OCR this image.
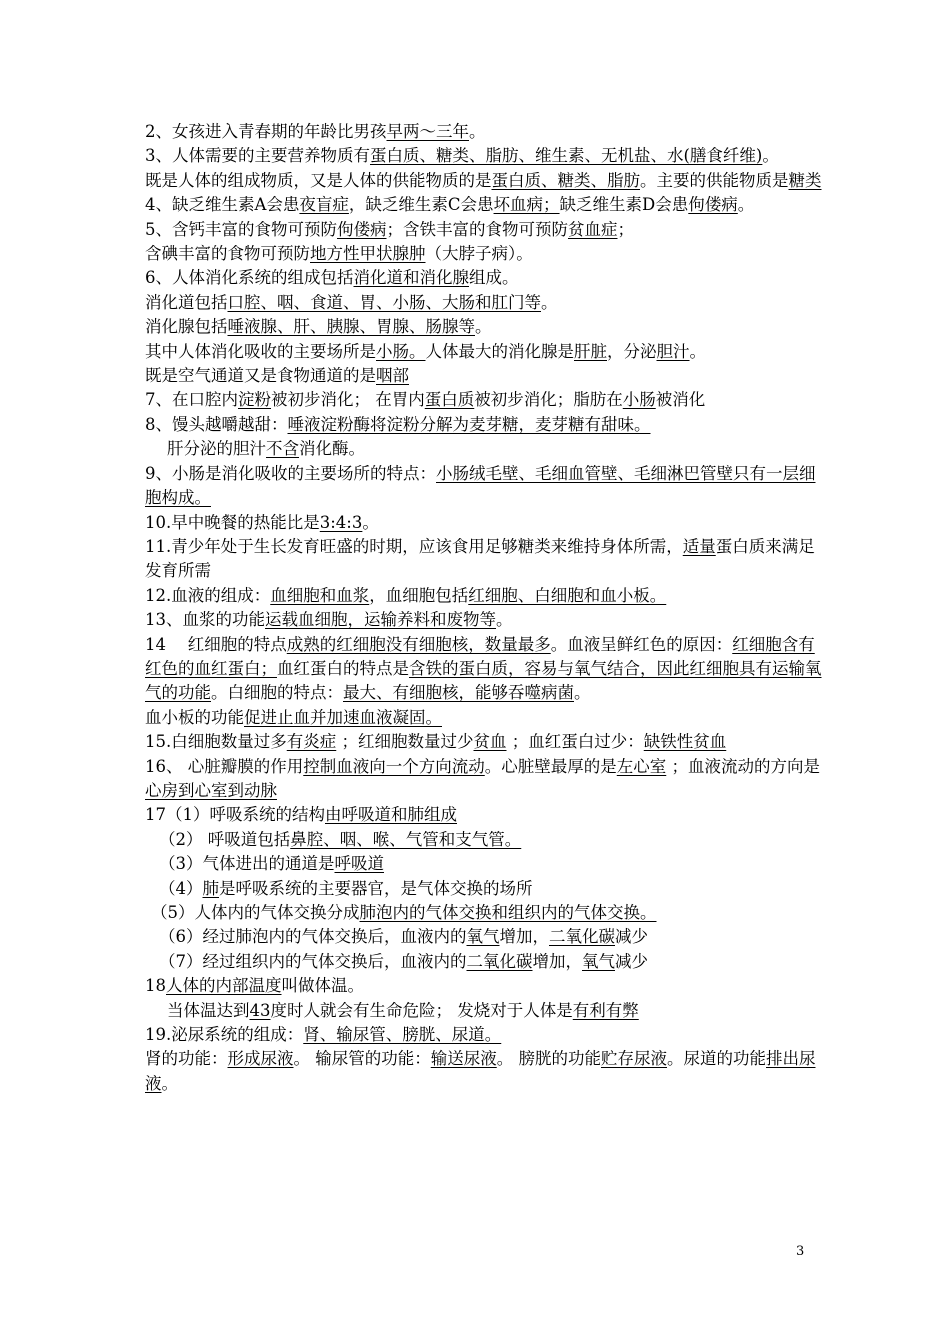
2、女孩进入青春期的年龄比男孩早两～三年。
3、人体需要的主要营养物质有蛋白质、糖类、脂肪、维生素、无机盐、水(膳食纤维)。
既是人体的组成物质，又是人体的供能物质的是蛋白质、糖类、脂肪。主要的供能物质是糖类
4、缺乏维生素A会患夜盲症，缺乏维生素C会患坏血病；缺乏维生素D会患佝偻病。
5、含钙丰富的食物可预防佝偻病；含铁丰富的食物可预防贫血症；
含碘丰富的食物可预防地方性甲状腺肿（大脖子病）。
6、人体消化系统的组成包括消化道和消化腺组成。
消化道包括口腔、咽、食道、胃、小肠、大肠和肛门等。
消化腺包括唾液腺、肝、胰腺、胃腺、肠腺等。
其中人体消化吸收的主要场所是小肠。人体最大的消化腺是肝脏，分泌胆汁。
既是空气通道又是食物通道的是咽部
7、在口腔内淀粉被初步消化； 在胃内蛋白质被初步消化；脂肪在小肠被消化
8、馒头越嚼越甜：唾液淀粉酶将淀粉分解为麦芽糖，麦芽糖有甜味。
肝分泌的胆汁不含消化酶。
9、小肠是消化吸收的主要场所的特点：小肠绒毛壁、毛细血管壁、毛细淋巴管壁只有一层细胞构成。
10.早中晚餐的热能比是3:4:3。
11.青少年处于生长发育旺盛的时期，应该食用足够糖类来维持身体所需，适量蛋白质来满足发育所需
12.血液的组成：血细胞和血浆，血细胞包括红细胞、白细胞和血小板。
13、血浆的功能运载血细胞，运输养料和废物等。
14　 红细胞的特点成熟的红细胞没有细胞核，数量最多。血液呈鲜红色的原因：红细胞含有红色的血红蛋白；血红蛋白的特点是含铁的蛋白质，容易与氧气结合，因此红细胞具有运输氧气的功能。白细胞的特点：最大、有细胞核，能够吞噬病菌。
血小板的功能促进止血并加速血液凝固。
15.白细胞数量过多有炎症 ；红细胞数量过少贫血 ；血红蛋白过少：缺铁性贫血
16、 心脏瓣膜的作用控制血液向一个方向流动。心脏壁最厚的是左心室 ；血液流动的方向是心房到心室到动脉
17（1）呼吸系统的结构由呼吸道和肺组成
（2） 呼吸道包括鼻腔、咽、喉、气管和支气管。
（3）气体进出的通道是呼吸道
（4）肺是呼吸系统的主要器官，是气体交换的场所
（5）人体内的气体交换分成肺泡内的气体交换和组织内的气体交换。
（6）经过肺泡内的气体交换后，血液内的氧气增加，二氧化碳减少
（7）经过组织内的气体交换后，血液内的二氧化碳增加，氧气减少
18人体的内部温度叫做体温。
当体温达到43度时人就会有生命危险； 发烧对于人体是有利有弊
19.泌尿系统的组成：肾、输尿管、膀胱、尿道。
肾的功能：形成尿液。 输尿管的功能：输送尿液。 膀胱的功能贮存尿液。尿道的功能排出尿液。
3
